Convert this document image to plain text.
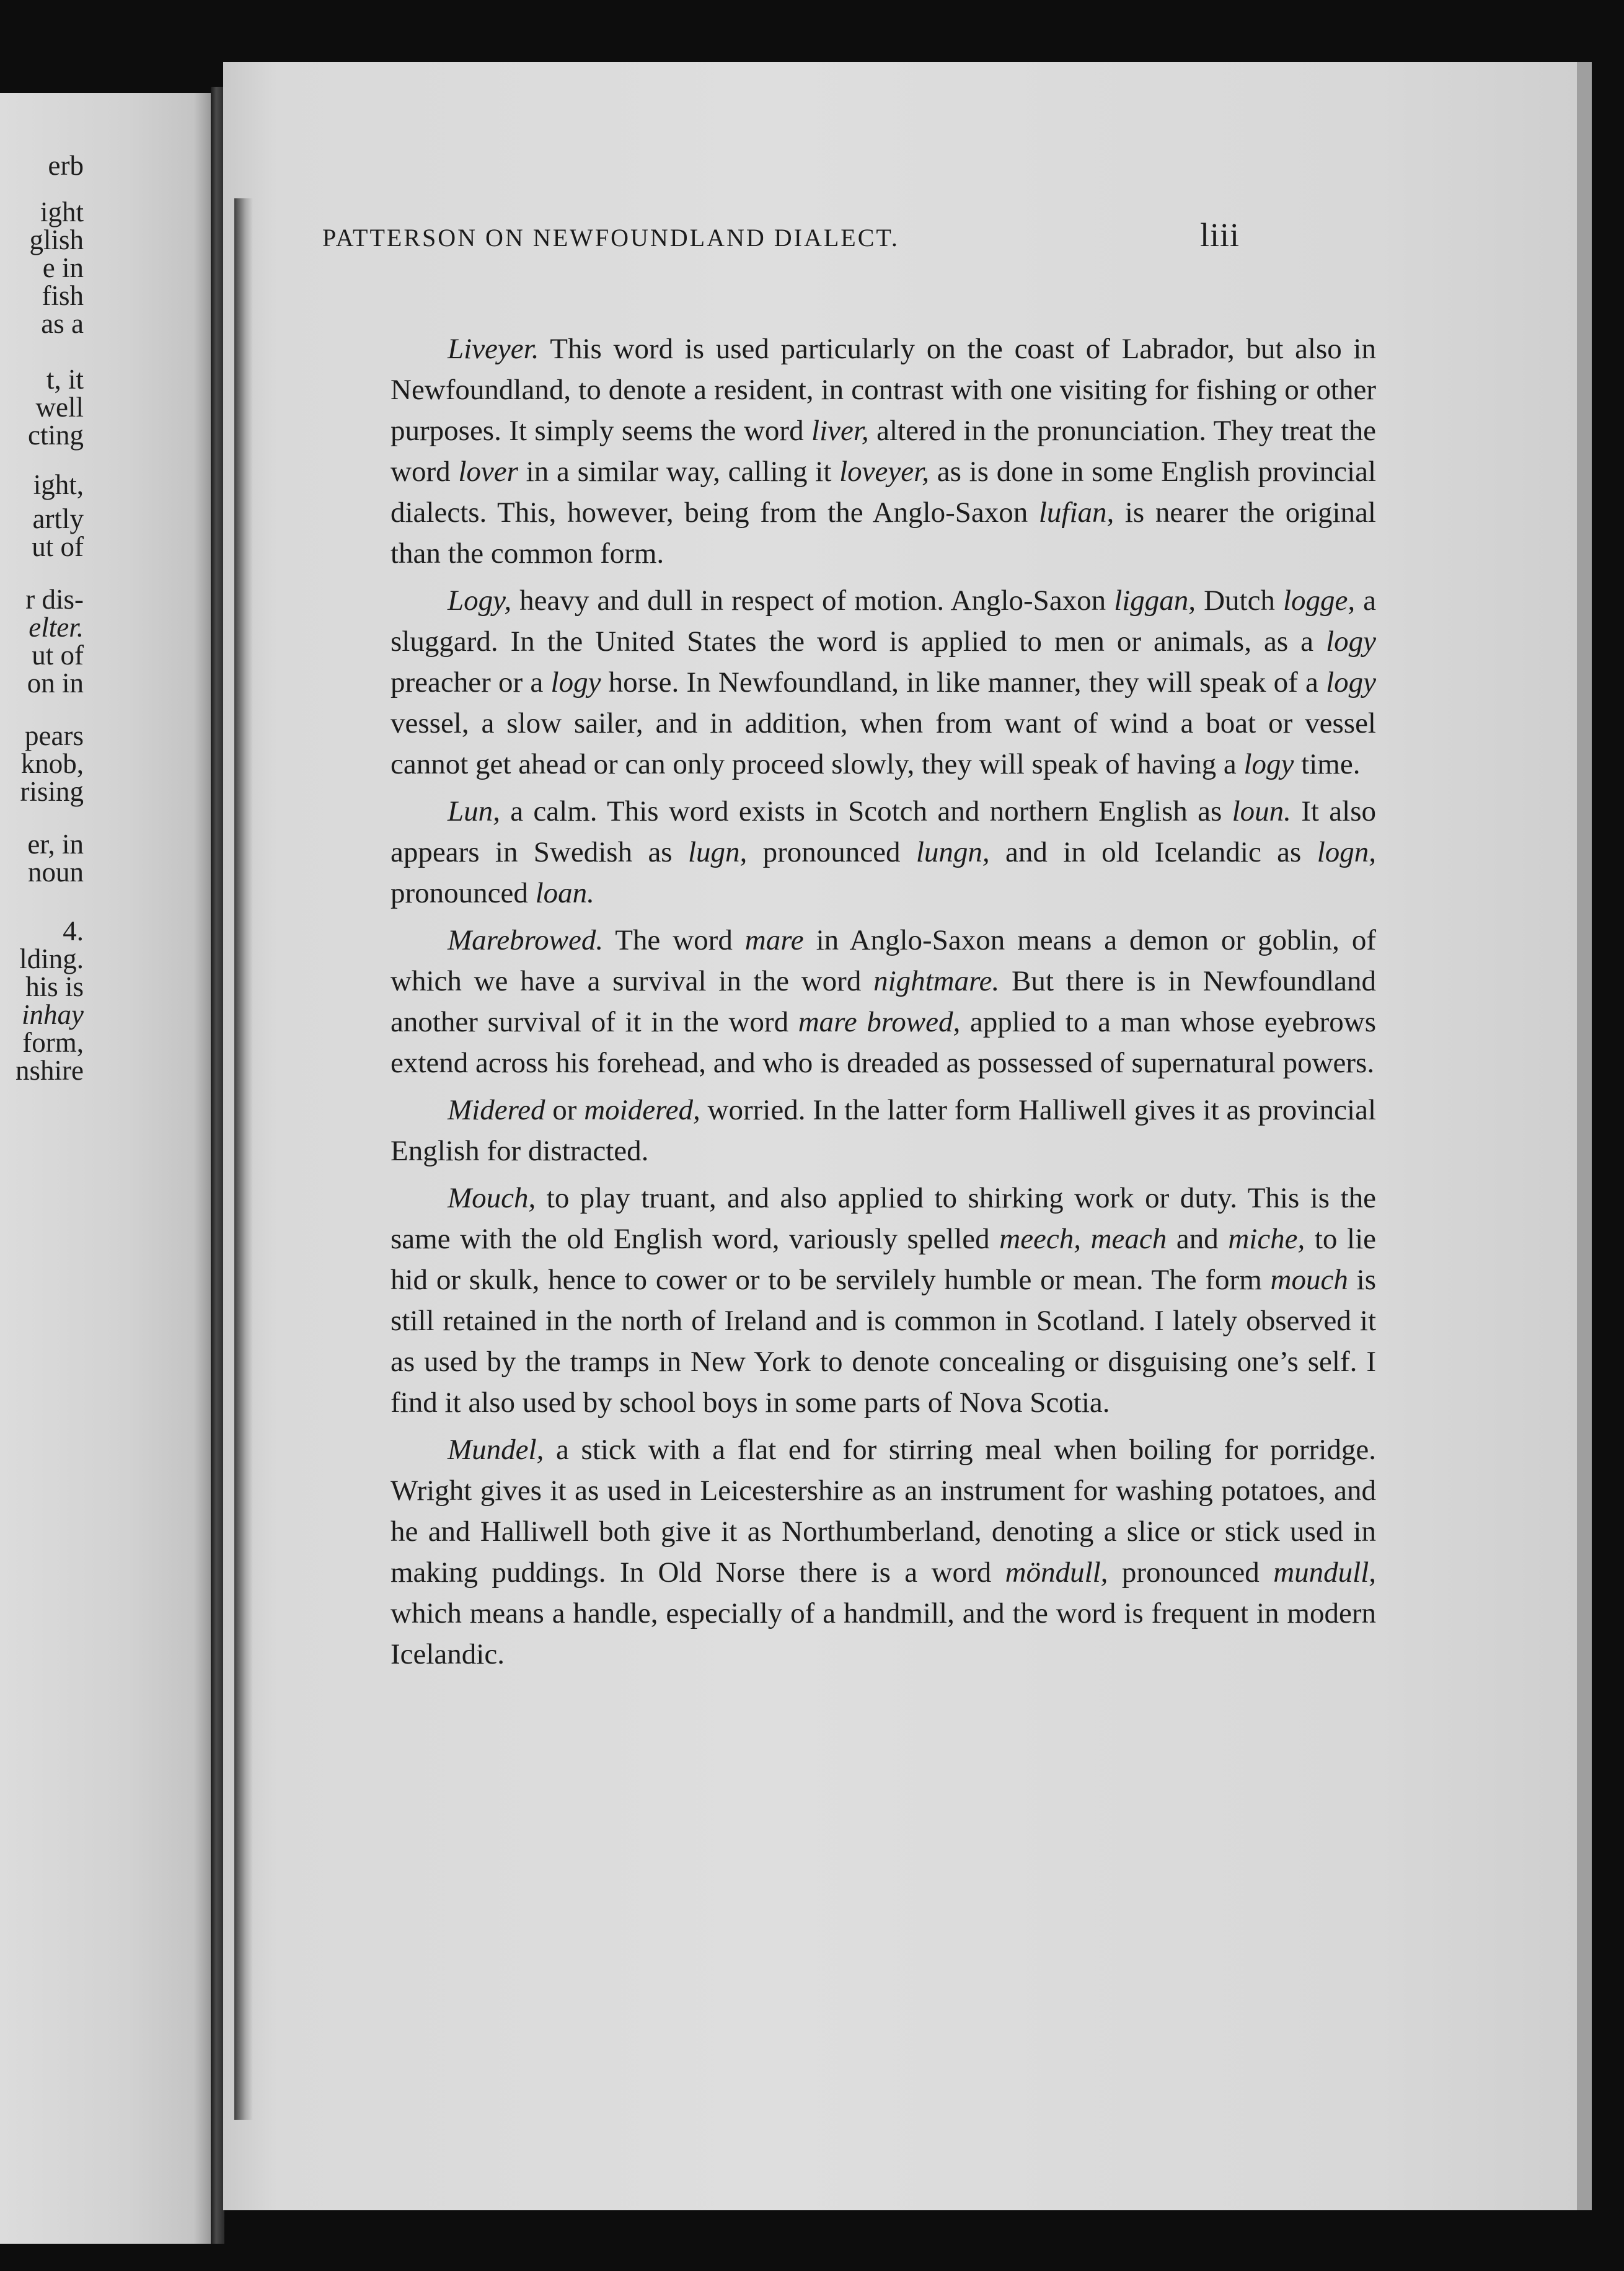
erb
ight
glish
e in
fish
as a
t, it
well
cting
ight,
artly
ut of
r dis-
elter.
ut of
on in
pears
knob,
rising
er, in
noun
4.
lding.
his is
inhay
form,
nshire
PATTERSON ON NEWFOUNDLAND DIALECT.	liii

Liveyer. This word is used particularly on the coast of Labrador, but also in Newfoundland, to denote a resident, in contrast with one visiting for fishing or other purposes. It simply seems the word liver, altered in the pronunciation. They treat the word lover in a similar way, calling it loveyer, as is done in some English provincial dialects. This, however, being from the Anglo-Saxon lufian, is nearer the original than the common form.

Logy, heavy and dull in respect of motion. Anglo-Saxon liggan, Dutch logge, a sluggard. In the United States the word is applied to men or animals, as a logy preacher or a logy horse. In Newfoundland, in like manner, they will speak of a logy vessel, a slow sailer, and in addition, when from want of wind a boat or vessel cannot get ahead or can only proceed slowly, they will speak of having a logy time.

Lun, a calm. This word exists in Scotch and northern English as loun. It also appears in Swedish as lugn, pronounced lungn, and in old Icelandic as logn, pronounced loan.

Marebrowed. The word mare in Anglo-Saxon means a demon or goblin, of which we have a survival in the word nightmare. But there is in Newfoundland another survival of it in the word mare browed, applied to a man whose eyebrows extend across his forehead, and who is dreaded as possessed of supernatural powers.

Midered or moidered, worried. In the latter form Halliwell gives it as provincial English for distracted.

Mouch, to play truant, and also applied to shirking work or duty. This is the same with the old English word, variously spelled meech, meach and miche, to lie hid or skulk, hence to cower or to be servilely humble or mean. The form mouch is still retained in the north of Ireland and is common in Scotland. I lately observed it as used by the tramps in New York to denote concealing or disguising one’s self. I find it also used by school boys in some parts of Nova Scotia.

Mundel, a stick with a flat end for stirring meal when boiling for porridge. Wright gives it as used in Leicestershire as an instrument for washing potatoes, and he and Halliwell both give it as Northumberland, denoting a slice or stick used in making puddings. In Old Norse there is a word möndull, pronounced mundull, which means a handle, especially of a handmill, and the word is frequent in modern Icelandic.
